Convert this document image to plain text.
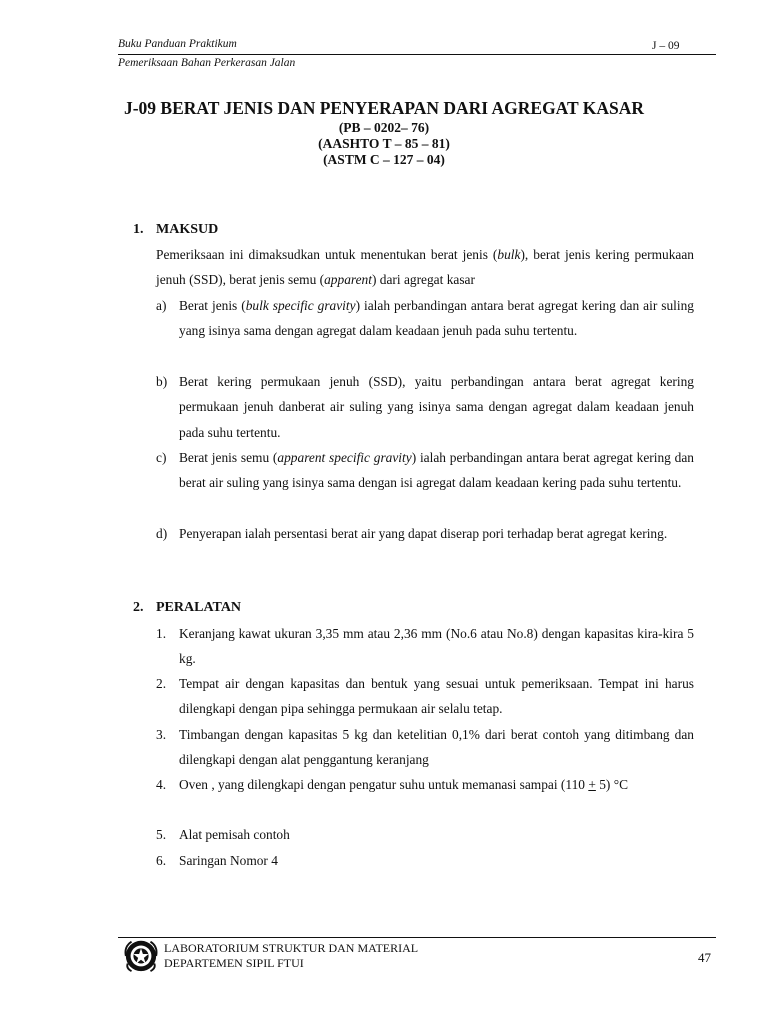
Buku Panduan Praktikum	J – 09
Pemeriksaan Bahan Perkerasan Jalan
J-09 BERAT JENIS DAN PENYERAPAN DARI AGREGAT KASAR
(PB – 0202– 76)
(AASHTO T – 85 – 81)
(ASTM C – 127 – 04)
1. MAKSUD
Pemeriksaan ini dimaksudkan untuk menentukan berat jenis (bulk), berat jenis kering permukaan jenuh (SSD), berat jenis semu (apparent) dari agregat kasar
a) Berat jenis (bulk specific gravity) ialah perbandingan antara berat agregat kering dan air suling yang isinya sama dengan agregat dalam keadaan jenuh pada suhu tertentu.
b) Berat kering permukaan jenuh (SSD), yaitu perbandingan antara berat agregat kering permukaan jenuh danberat air suling yang isinya sama dengan agregat dalam keadaan jenuh pada suhu tertentu.
c) Berat jenis semu (apparent specific gravity) ialah perbandingan antara berat agregat kering dan berat air suling yang isinya sama dengan isi agregat dalam keadaan kering pada suhu tertentu.
d) Penyerapan ialah persentasi berat air yang dapat diserap pori terhadap berat agregat kering.
2. PERALATAN
1. Keranjang kawat ukuran 3,35 mm atau 2,36 mm (No.6 atau No.8) dengan kapasitas kira-kira 5 kg.
2. Tempat air dengan kapasitas dan bentuk yang sesuai untuk pemeriksaan. Tempat ini harus dilengkapi dengan pipa sehingga permukaan air selalu tetap.
3. Timbangan dengan kapasitas 5 kg dan ketelitian 0,1% dari berat contoh yang ditimbang dan dilengkapi dengan alat penggantung keranjang
4. Oven , yang dilengkapi dengan pengatur suhu untuk memanasi sampai (110 + 5) °C
5. Alat pemisah contoh
6. Saringan Nomor 4
LABORATORIUM STRUKTUR DAN MATERIAL
DEPARTEMEN SIPIL FTUI	47
